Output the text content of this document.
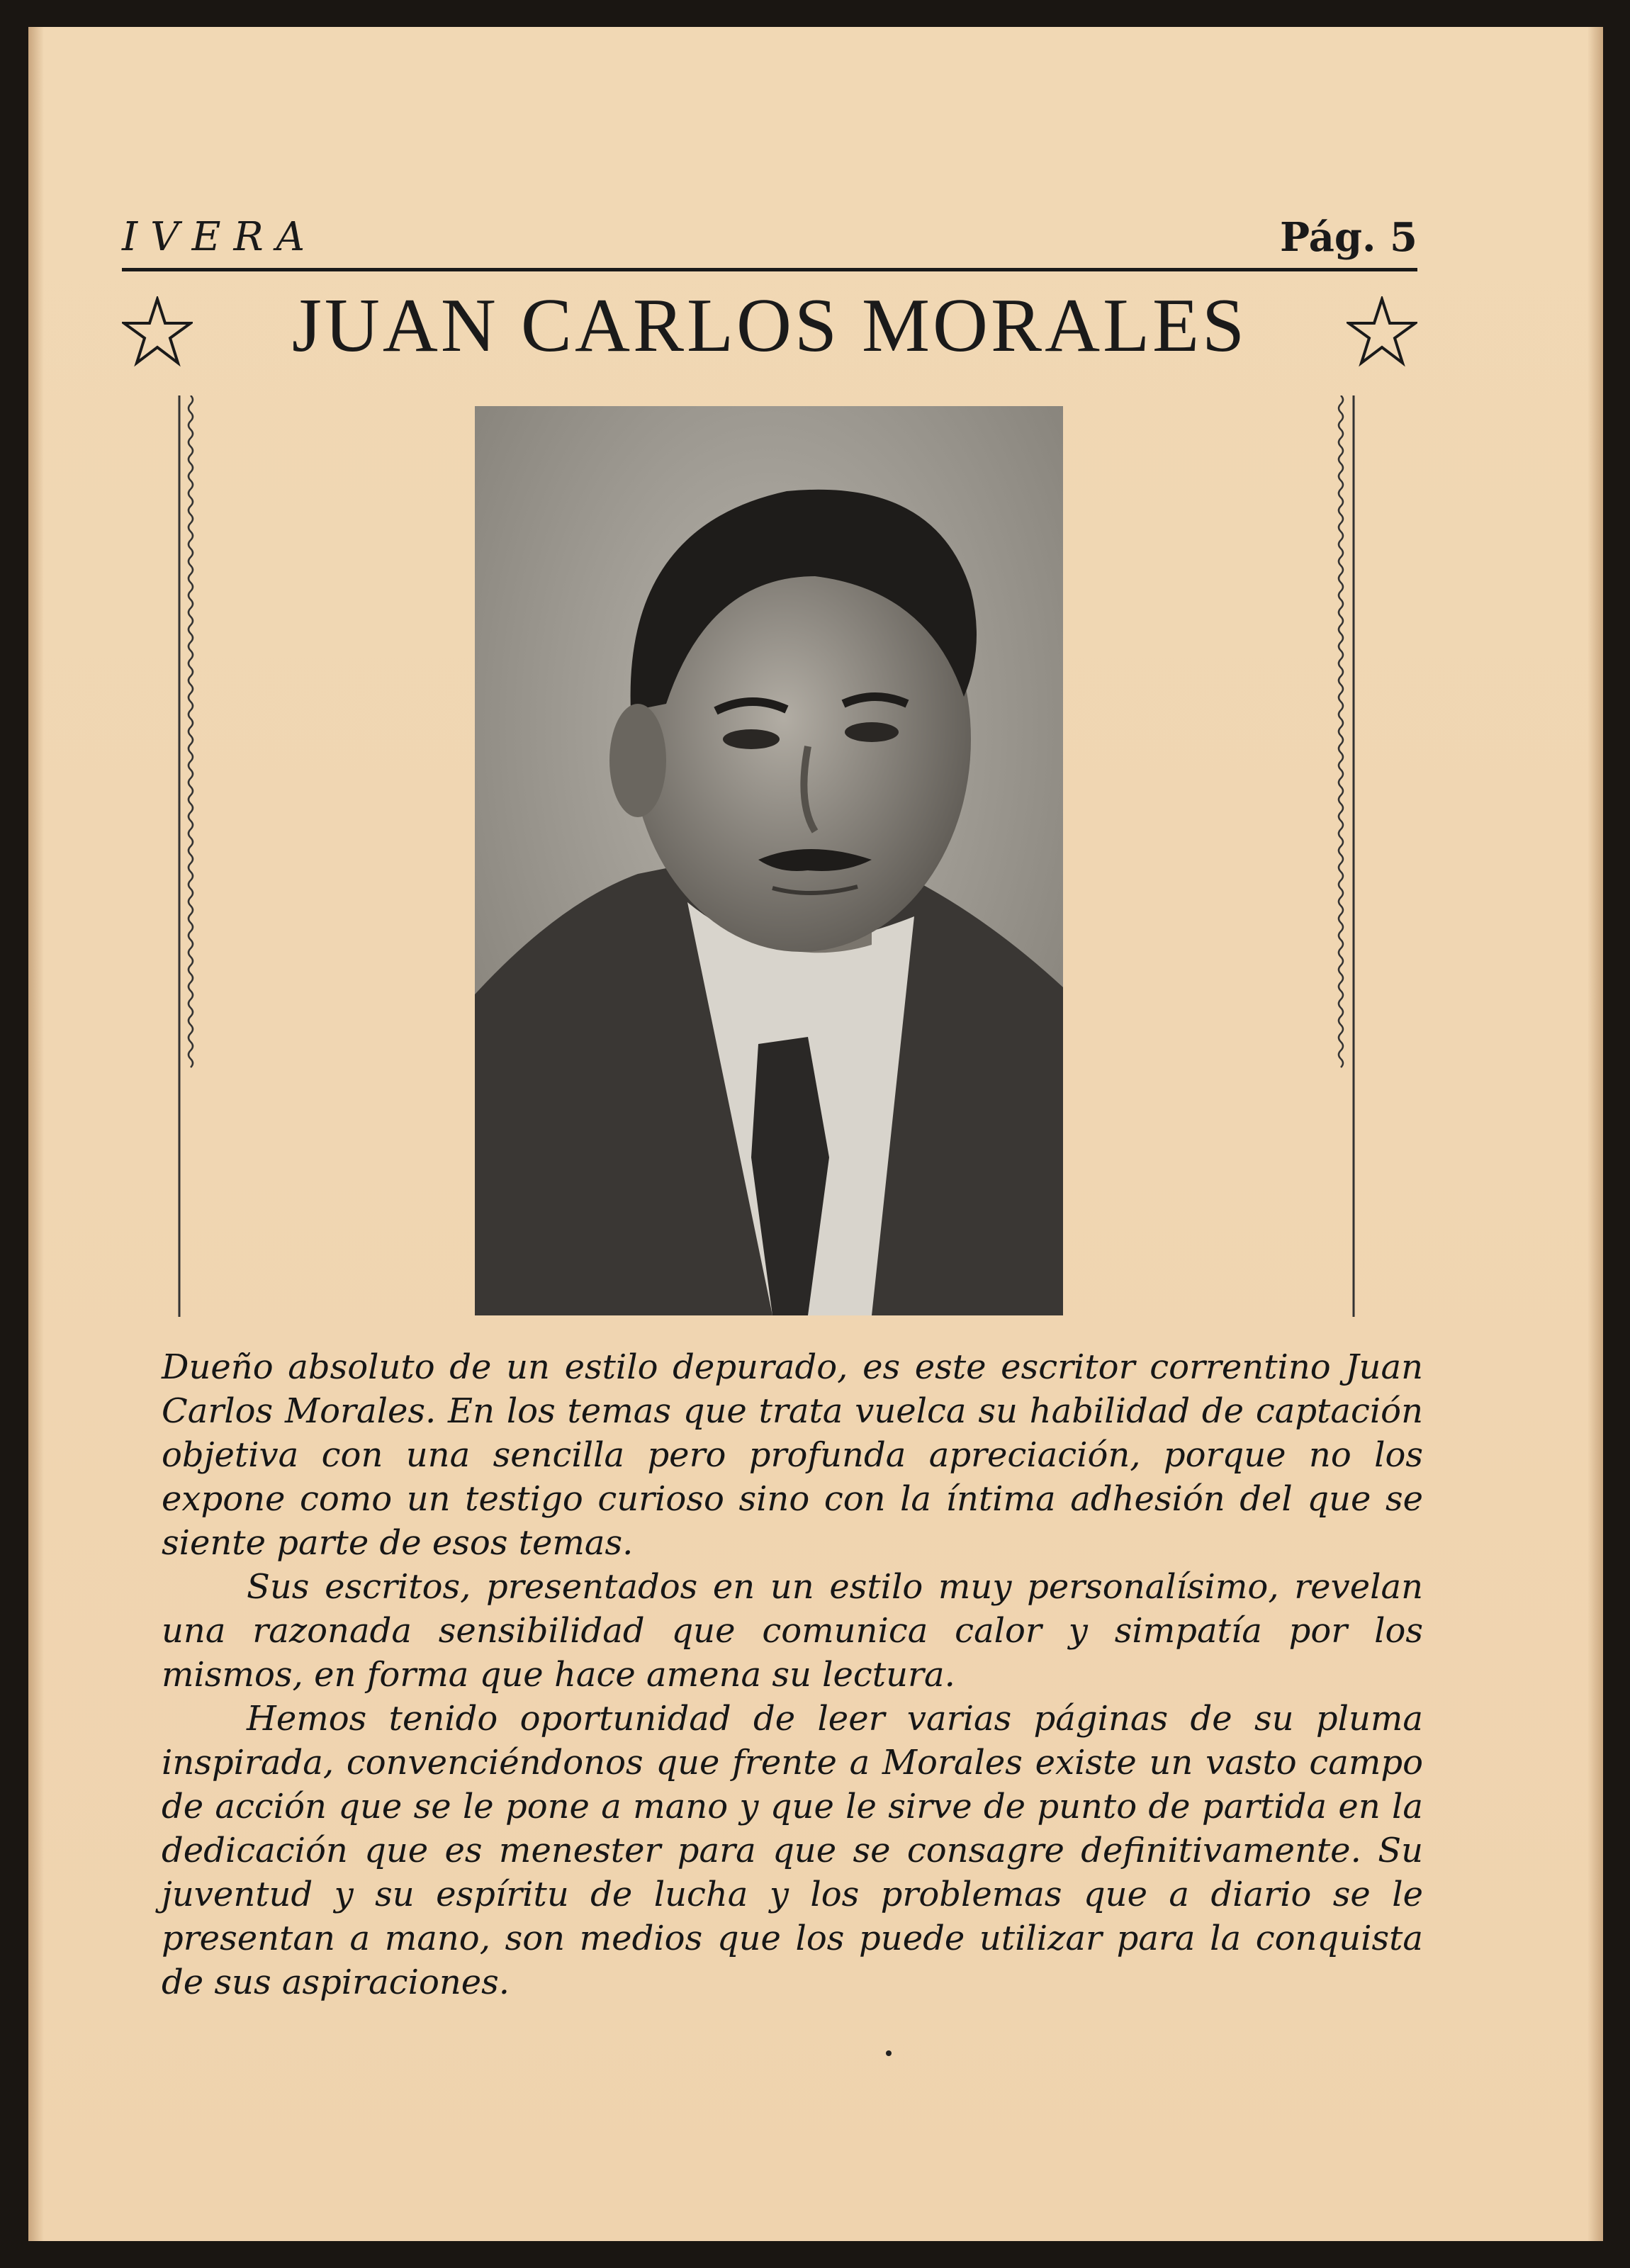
IVERA	Pág. 5
JUAN CARLOS MORALES

Dueño absoluto de un estilo depurado, es este escritor correntino Juan Carlos Morales. En los temas que trata vuelca su habilidad de captación objetiva con una sencilla pero profunda apreciación, porque no los expone como un testigo curioso sino con la íntima adhesión del que se siente parte de esos temas.

Sus escritos, presentados en un estilo muy personalísimo, revelan una razonada sensibilidad que comunica calor y simpatía por los mismos, en forma que hace amena su lectura.

Hemos tenido oportunidad de leer varias páginas de su pluma inspirada, convenciéndonos que frente a Morales existe un vasto campo de acción que se le pone a mano y que le sirve de punto de partida en la dedicación que es menester para que se consagre definitivamente. Su juventud y su espíritu de lucha y los problemas que a diario se le presentan a mano, son medios que los puede utilizar para la conquista de sus aspiraciones.
